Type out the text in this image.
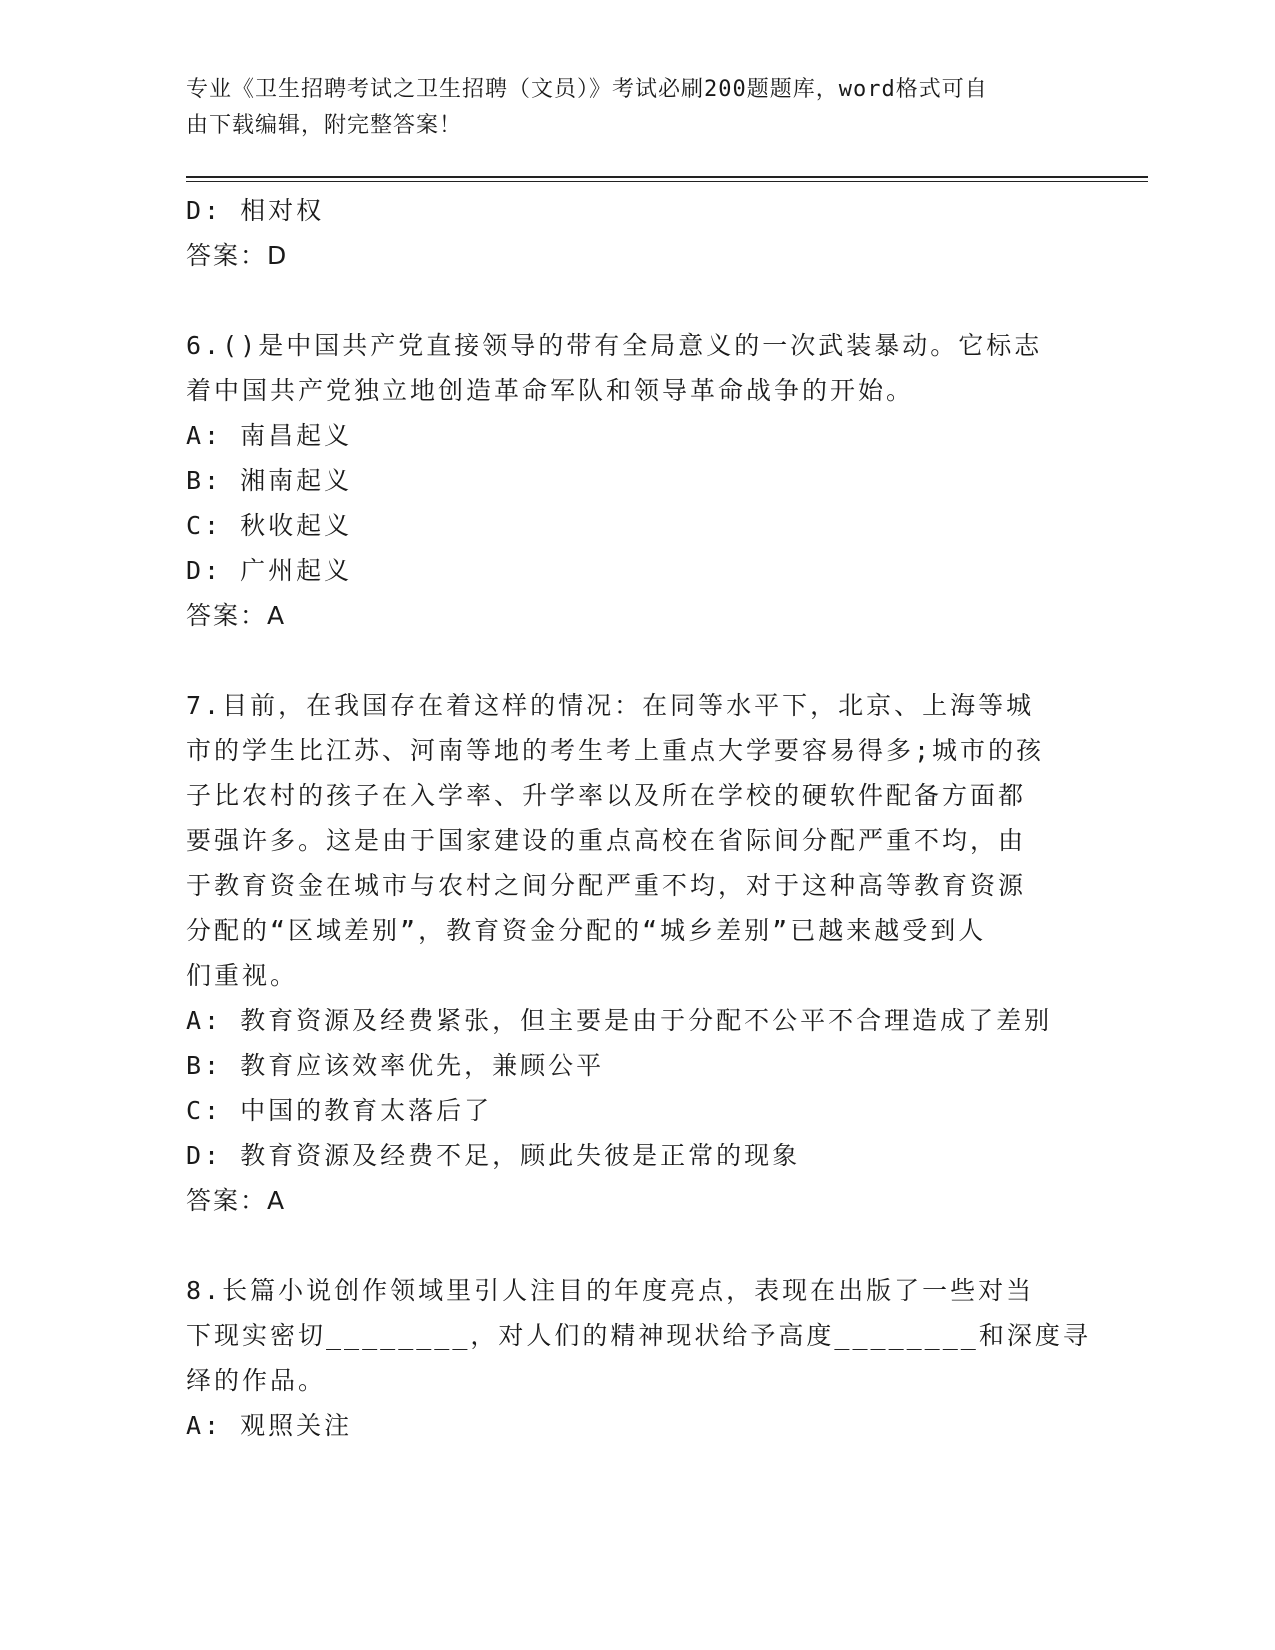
专业《卫生招聘考试之卫生招聘（文员）》考试必刷200题题库，word格式可自
由下载编辑，附完整答案！
D: 相对权
答案：D
6.()是中国共产党直接领导的带有全局意义的一次武装暴动。它标志
着中国共产党独立地创造革命军队和领导革命战争的开始。
A: 南昌起义
B: 湘南起义
C: 秋收起义
D: 广州起义
答案：A
7.目前，在我国存在着这样的情况：在同等水平下，北京、上海等城
市的学生比江苏、河南等地的考生考上重点大学要容易得多;城市的孩
子比农村的孩子在入学率、升学率以及所在学校的硬软件配备方面都
要强许多。这是由于国家建设的重点高校在省际间分配严重不均，由
于教育资金在城市与农村之间分配严重不均，对于这种高等教育资源
分配的“区域差别”，教育资金分配的“城乡差别”已越来越受到人
们重视。
A: 教育资源及经费紧张，但主要是由于分配不公平不合理造成了差别
B: 教育应该效率优先，兼顾公平
C: 中国的教育太落后了
D: 教育资源及经费不足，顾此失彼是正常的现象
答案：A
8.长篇小说创作领域里引人注目的年度亮点，表现在出版了一些对当
下现实密切________，对人们的精神现状给予高度________和深度寻
绎的作品。
A: 观照关注
